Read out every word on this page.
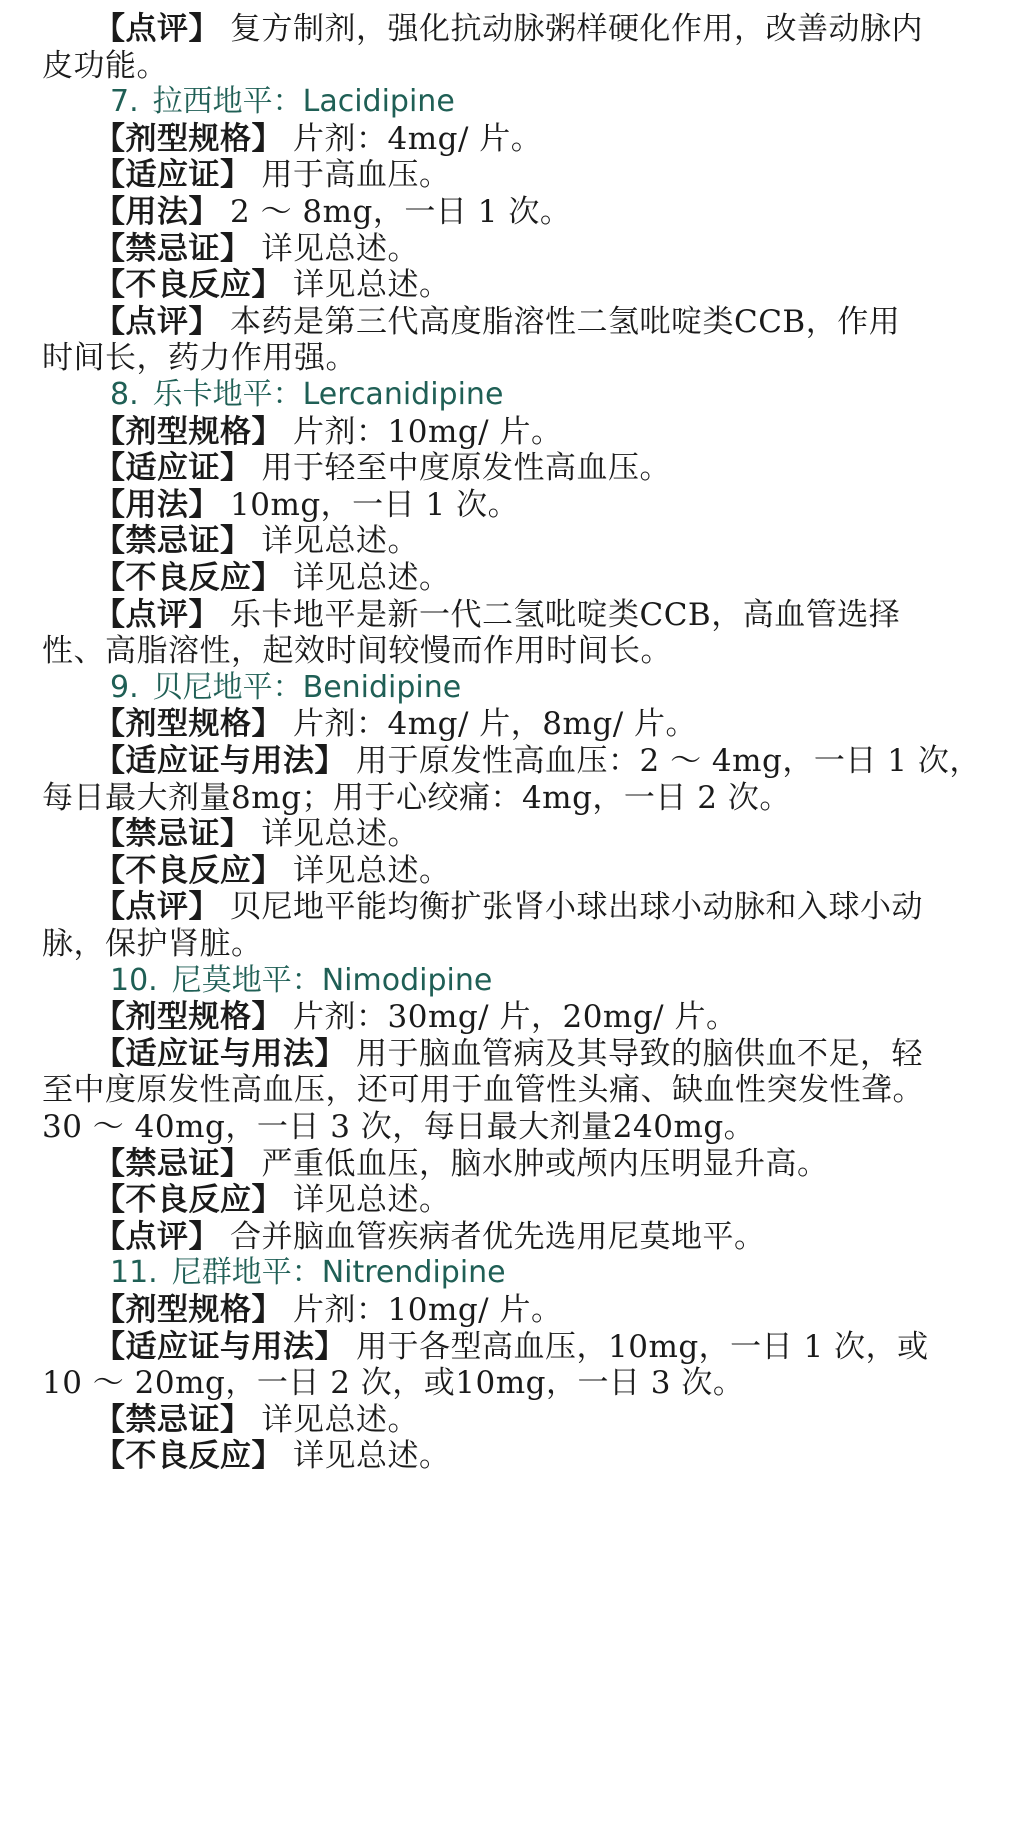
【点评】 复方制剂，强化抗动脉粥样硬化作用，改善动脉内
皮功能。
7. 拉西地平：Lacidipine
【剂型规格】 片剂：4mg/ 片。
【适应证】 用于高血压。
【用法】 2 ～ 8mg，一日 1 次。
【禁忌证】 详见总述。
【不良反应】 详见总述。
【点评】 本药是第三代高度脂溶性二氢吡啶类CCB，作用
时间长，药力作用强。
8. 乐卡地平：Lercanidipine
【剂型规格】 片剂：10mg/ 片。
【适应证】 用于轻至中度原发性高血压。
【用法】 10mg，一日 1 次。
【禁忌证】 详见总述。
【不良反应】 详见总述。
【点评】 乐卡地平是新一代二氢吡啶类CCB，高血管选择
性、高脂溶性，起效时间较慢而作用时间长。
9. 贝尼地平：Benidipine
【剂型规格】 片剂：4mg/ 片，8mg/ 片。
【适应证与用法】 用于原发性高血压：2 ～ 4mg，一日 1 次，
每日最大剂量8mg；用于心绞痛：4mg，一日 2 次。
【禁忌证】 详见总述。
【不良反应】 详见总述。
【点评】 贝尼地平能均衡扩张肾小球出球小动脉和入球小动
脉，保护肾脏。
10. 尼莫地平：Nimodipine
【剂型规格】 片剂：30mg/ 片，20mg/ 片。
【适应证与用法】 用于脑血管病及其导致的脑供血不足，轻
至中度原发性高血压，还可用于血管性头痛、缺血性突发性聋。
30 ～ 40mg，一日 3 次，每日最大剂量240mg。
【禁忌证】 严重低血压，脑水肿或颅内压明显升高。
【不良反应】 详见总述。
【点评】 合并脑血管疾病者优先选用尼莫地平。
11. 尼群地平：Nitrendipine
【剂型规格】 片剂：10mg/ 片。
【适应证与用法】 用于各型高血压，10mg，一日 1 次，或
10 ～ 20mg，一日 2 次，或10mg，一日 3 次。
【禁忌证】 详见总述。
【不良反应】 详见总述。
